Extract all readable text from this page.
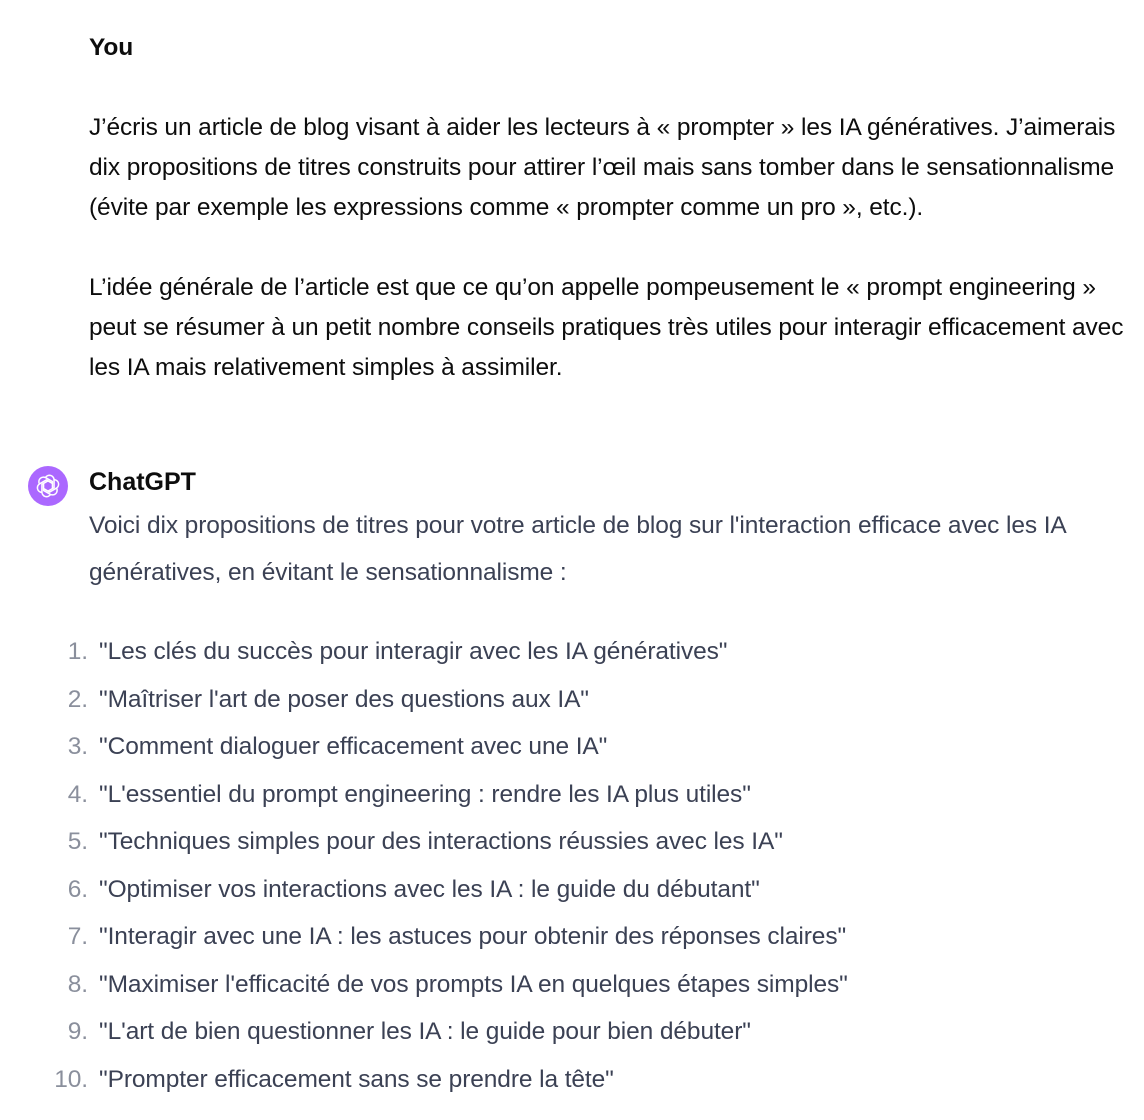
You

J’écris un article de blog visant à aider les lecteurs à « prompter » les IA génératives. J’aimerais dix propositions de titres construits pour attirer l’œil mais sans tomber dans le sensationnalisme (évite par exemple les expressions comme « prompter comme un pro », etc.).

L’idée générale de l’article est que ce qu’on appelle pompeusement le « prompt engineering » peut se résumer à un petit nombre conseils pratiques très utiles pour interagir efficacement avec les IA mais relativement simples à assimiler.

ChatGPT

Voici dix propositions de titres pour votre article de blog sur l'interaction efficace avec les IA génératives, en évitant le sensationnalisme :

1. "Les clés du succès pour interagir avec les IA génératives"
2. "Maîtriser l'art de poser des questions aux IA"
3. "Comment dialoguer efficacement avec une IA"
4. "L'essentiel du prompt engineering : rendre les IA plus utiles"
5. "Techniques simples pour des interactions réussies avec les IA"
6. "Optimiser vos interactions avec les IA : le guide du débutant"
7. "Interagir avec une IA : les astuces pour obtenir des réponses claires"
8. "Maximiser l'efficacité de vos prompts IA en quelques étapes simples"
9. "L'art de bien questionner les IA : le guide pour bien débuter"
10. "Prompter efficacement sans se prendre la tête"
